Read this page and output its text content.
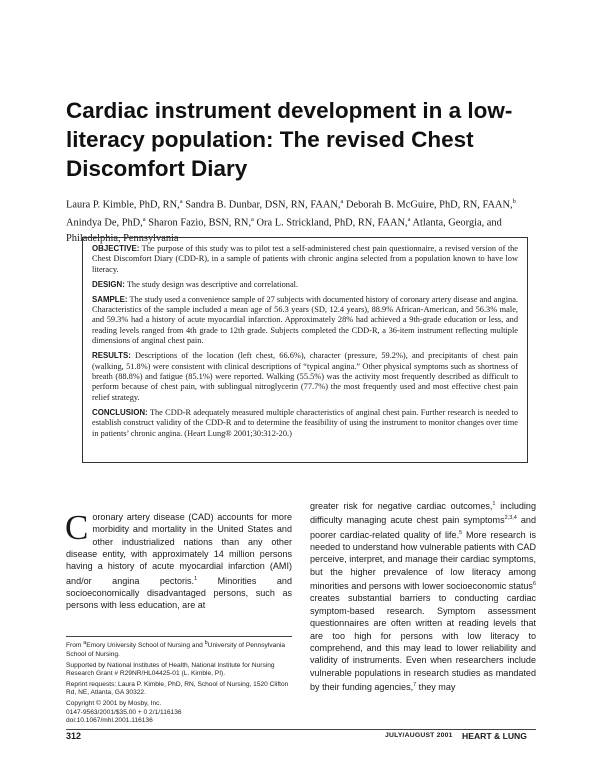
Cardiac instrument development in a low-literacy population: The revised Chest Discomfort Diary

Laura P. Kimble, PhD, RN,$^a$ Sandra B. Dunbar, DSN, RN, FAAN,$^a$ Deborah B. McGuire, PhD, RN, FAAN,$^b$ Anindya De, PhD,$^a$ Sharon Fazio, BSN, RN,$^a$ Ora L. Strickland, PhD, RN, FAAN,$^a$ Atlanta, Georgia, and Philadelphia, Pennsylvania

OBJECTIVE: The purpose of this study was to pilot test a self-administered chest pain questionnaire, a revised version of the Chest Discomfort Diary (CDD-R), in a sample of patients with chronic angina selected from a population known to have low literacy.

DESIGN: The study design was descriptive and correlational.

SAMPLE: The study used a convenience sample of 27 subjects with documented history of coronary artery disease and angina. Characteristics of the sample included a mean age of 56.3 years (SD, 12.4 years), 88.9% African-American, and 56.3% male, and 59.3% had a history of acute myocardial infarction. Approximately 28% had achieved a 9th-grade education or less, and reading levels ranged from 4th grade to 12th grade. Subjects completed the CDD-R, a 36-item instrument reflecting multiple dimensions of anginal chest pain.

RESULTS: Descriptions of the location (left chest, 66.6%), character (pressure, 59.2%), and precipitants of chest pain (walking, 51.8%) were consistent with clinical descriptions of “typical angina.” Other physical symptoms such as shortness of breath (88.8%) and fatigue (85.1%) were reported. Walking (55.5%) was the activity most frequently described as difficult to perform because of chest pain, with sublingual nitroglycerin (77.7%) the most frequently used and most effective chest pain relief strategy.

CONCLUSION: The CDD-R adequately measured multiple characteristics of anginal chest pain. Further research is needed to establish construct validity of the CDD-R and to determine the feasibility of using the instrument to monitor changes over time in patients’ chronic angina. (Heart Lung® 2001;30:312-20.)

Coronary artery disease (CAD) accounts for more morbidity and mortality in the United States and other industrialized nations than any other disease entity, with approximately 14 million persons having a history of acute myocardial infarction (AMI) and/or angina pectoris.$^1$ Minorities and socioeconomically disadvantaged persons, such as persons with less education, are at
greater risk for negative cardiac outcomes,$^1$ including difficulty managing acute chest pain symptoms$^{2,3,4}$ and poorer cardiac-related quality of life.$^5$ More research is needed to understand how vulnerable patients with CAD perceive, interpret, and manage their cardiac symptoms, but the higher prevalence of low literacy among minorities and persons with lower socioeconomic status$^6$ creates substantial barriers to conducting cardiac symptom-based research. Symptom assessment questionnaires are often written at reading levels that are too high for persons with low literacy to comprehend, and this may lead to lower reliability and validity of instruments. Even when researchers include vulnerable populations in research studies as mandated by their funding agencies,$^7$ they may

From $^a$Emory University School of Nursing and $^b$University of Pennsylvania School of Nursing.

Supported by National Institutes of Health, National Institute for Nursing Research Grant # R29NR/HL04425-01 (L. Kimble, PI).

Reprint requests: Laura P. Kimble, PhD, RN, School of Nursing, 1520 Clifton Rd, NE, Atlanta, GA 30322.

Copyright © 2001 by Mosby, Inc.
0147-9563/2001/$35.00 + 0 2/1/116136
doi:10.1067/mhl.2001.116136
312	JULY/AUGUST 2001 HEART & LUNG
